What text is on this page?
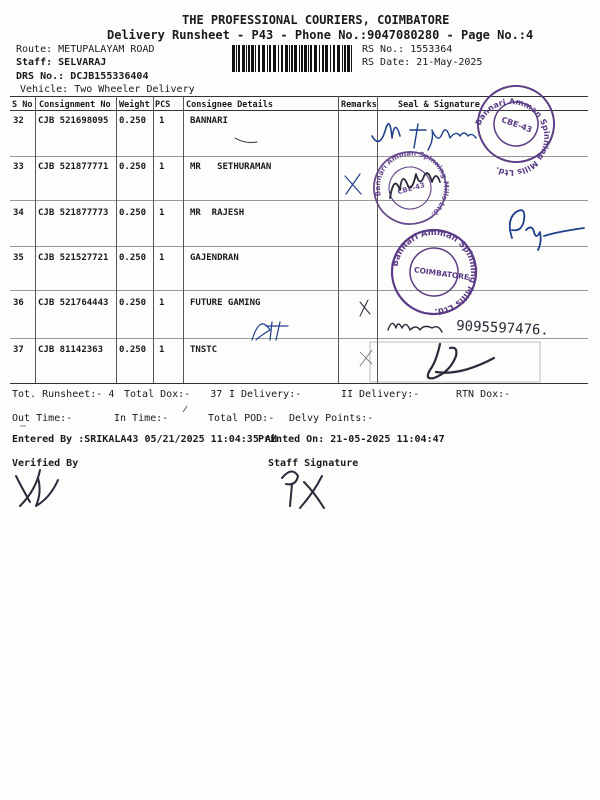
THE PROFESSIONAL COURIERS, COIMBATORE
Delivery Runsheet - P43 - Phone No.:9047080280 - Page No.:4
Route: METUPALAYAM ROAD
Staff: SELVARAJ
DRS No.: DCJB155336404
Vehicle: Two Wheeler Delivery
RS No.: 1553364
RS Date: 21-May-2025
S No Consignment No Weight PCS Consignee Details	Remarks Seal & Signature
32 CJB 521698095 0.250 1	BANNARI
33 CJB 521877771 0.250 1	MR   SETHURAMAN
34 CJB 521877773 0.250 1	MR  RAJESH
35 CJB 521527721 0.250 1	GAJENDRAN
36 CJB 521764443 0.250 1	FUTURE GAMING
37 CJB 81142363 0.250 1	TNSTC
Tot. Runsheet:- 4 Total Dox:- 37 I Delivery:-	II Delivery:-	RTN Dox:-
Out Time:-	In Time:-	Total POD:- Delvy Points:-
Entered By :SRIKALA43 05/21/2025 11:04:35 AM
Printed On: 21-05-2025 11:04:47
Verified By	Staff Signature
Bannari Amman Spinning Mills Ltd.
CBE-43
Bannari Amman Spinning Mills Ltd.
CBE-43
Bannari Amman Spinning Mills Ltd.
COIMBATORE
9095597476.
